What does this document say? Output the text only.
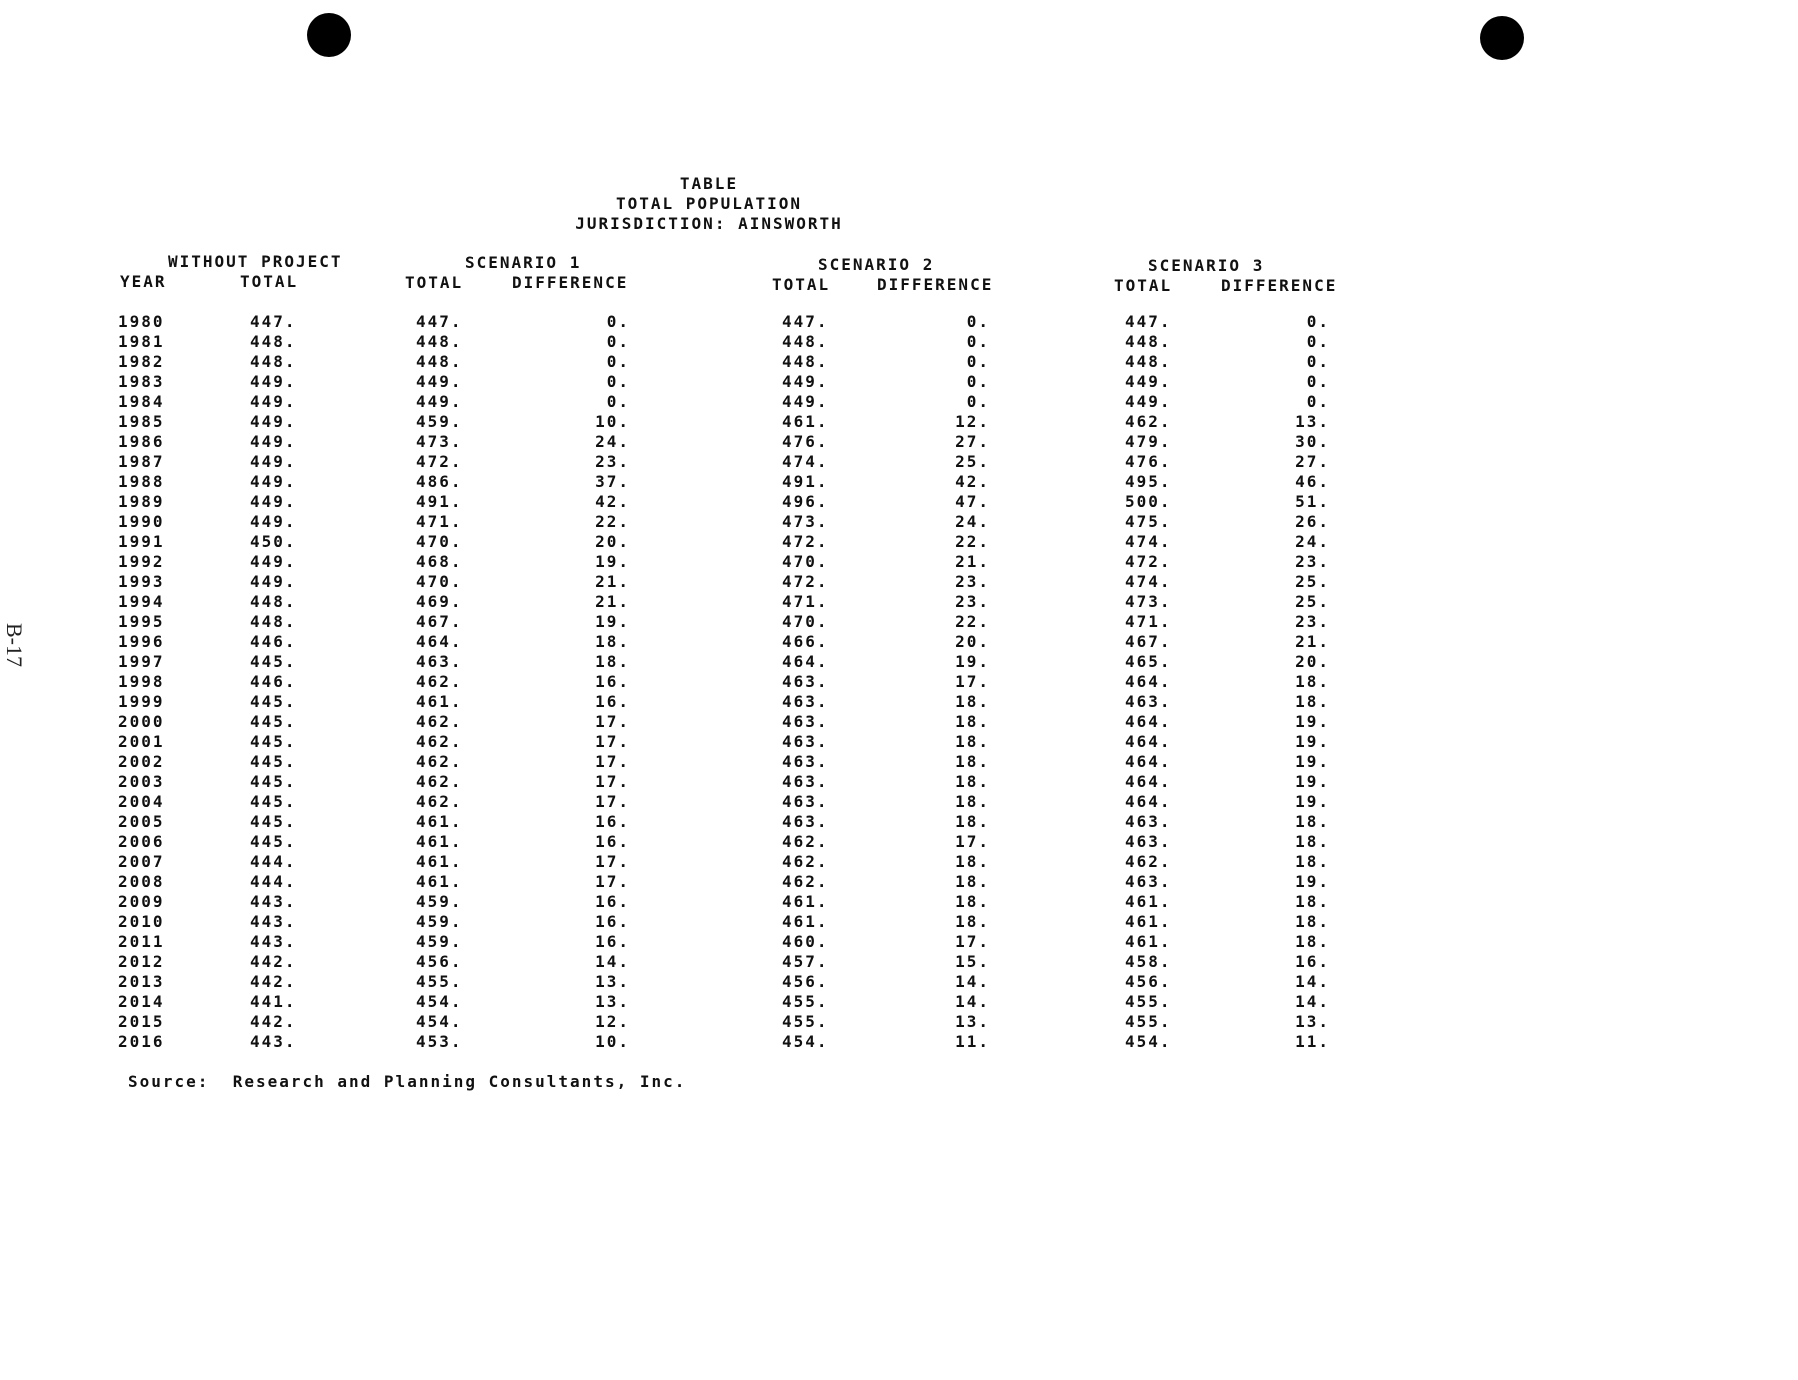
B-17
TABLE
TOTAL POPULATION
JURISDICTION: AINSWORTH
WITHOUT PROJECT	SCENARIO 1	SCENARIO 2	SCENARIO 3
YEAR	TOTAL	TOTAL	DIFFERENCE	TOTAL	DIFFERENCE	TOTAL	DIFFERENCE
1980	447.	447.	0.	447.	0.	447.	0.
1981	448.	448.	0.	448.	0.	448.	0.
1982	448.	448.	0.	448.	0.	448.	0.
1983	449.	449.	0.	449.	0.	449.	0.
1984	449.	449.	0.	449.	0.	449.	0.
1985	449.	459.	10.	461.	12.	462.	13.
1986	449.	473.	24.	476.	27.	479.	30.
1987	449.	472.	23.	474.	25.	476.	27.
1988	449.	486.	37.	491.	42.	495.	46.
1989	449.	491.	42.	496.	47.	500.	51.
1990	449.	471.	22.	473.	24.	475.	26.
1991	450.	470.	20.	472.	22.	474.	24.
1992	449.	468.	19.	470.	21.	472.	23.
1993	449.	470.	21.	472.	23.	474.	25.
1994	448.	469.	21.	471.	23.	473.	25.
1995	448.	467.	19.	470.	22.	471.	23.
1996	446.	464.	18.	466.	20.	467.	21.
1997	445.	463.	18.	464.	19.	465.	20.
1998	446.	462.	16.	463.	17.	464.	18.
1999	445.	461.	16.	463.	18.	463.	18.
2000	445.	462.	17.	463.	18.	464.	19.
2001	445.	462.	17.	463.	18.	464.	19.
2002	445.	462.	17.	463.	18.	464.	19.
2003	445.	462.	17.	463.	18.	464.	19.
2004	445.	462.	17.	463.	18.	464.	19.
2005	445.	461.	16.	463.	18.	463.	18.
2006	445.	461.	16.	462.	17.	463.	18.
2007	444.	461.	17.	462.	18.	462.	18.
2008	444.	461.	17.	462.	18.	463.	19.
2009	443.	459.	16.	461.	18.	461.	18.
2010	443.	459.	16.	461.	18.	461.	18.
2011	443.	459.	16.	460.	17.	461.	18.
2012	442.	456.	14.	457.	15.	458.	16.
2013	442.	455.	13.	456.	14.	456.	14.
2014	441.	454.	13.	455.	14.	455.	14.
2015	442.	454.	12.	455.	13.	455.	13.
2016	443.	453.	10.	454.	11.	454.	11.
Source:  Research and Planning Consultants, Inc.
